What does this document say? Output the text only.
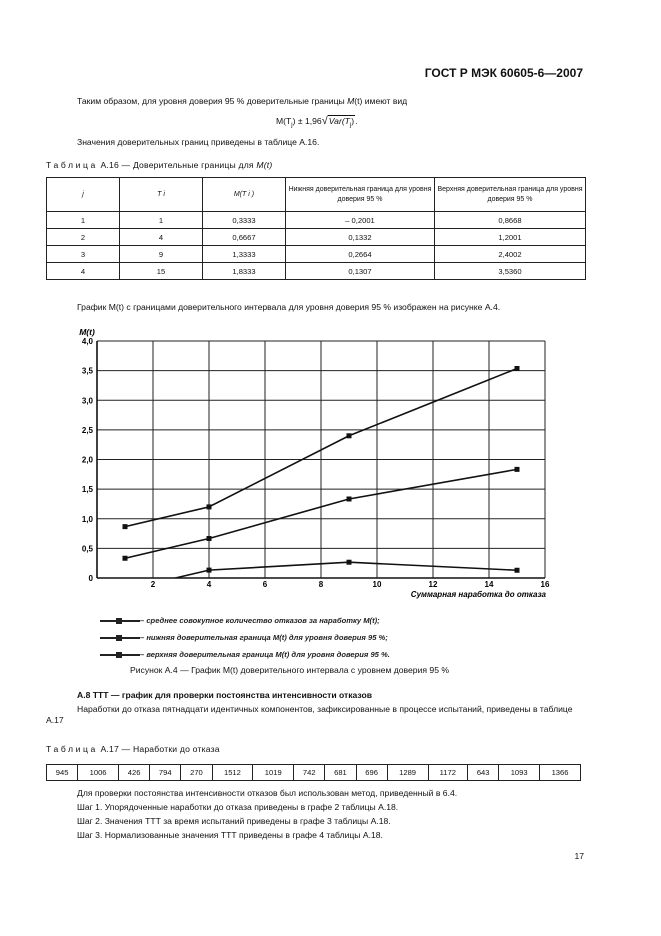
ГОСТ Р МЭК 60605-6—2007
Таким образом, для уровня доверия 95 % доверительные границы M(t) имеют вид
$M(T_j) \pm 1,96√Var(T_j)$.
Значения доверительных границ приведены в таблице А.16.
Таблица А.16 — Доверительные границы для M(t)
j	T i	M(T i )	Нижняя доверительная граница для уровня доверия 95 %	Верхняя доверительная граница для уровня доверия 95 %
1	1	0,3333	– 0,2001	0,8668
2	4	0,6667	0,1332	1,2001
3	9	1,3333	0,2664	2,4002
4	15	1,8333	0,1307	3,5360
График M(t) с границами доверительного интервала для уровня доверия 95 % изображен на рисунке А.4.
0
0,5
1,0
1,5
2,0
2,5
3,0
3,5
4,0
2	4	6	8	10	12	14	16
M(t)
Суммарная наработка до отказа
– среднее совокупное количество отказов за наработку M(t);
– нижняя доверительная граница M(t) для уровня доверия 95 %;
– верхняя доверительная граница M(t) для уровня доверия 95 %.
Рисунок А.4 — График M(t) доверительного интервала с уровнем доверия 95 %
А.8 ТТТ — график для проверки постоянства интенсивности отказов
Наработки до отказа пятнадцати идентичных компонентов, зафиксированные в процессе испытаний, приведены в таблице А.17
Таблица А.17 — Наработки до отказа
945	1006	426	794	270	1512	1019	742	681	696	1289	1172	643	1093	1366
Для проверки постоянства интенсивности отказов был использован метод, приведенный в 6.4.
Шаг 1. Упорядоченные наработки до отказа приведены в графе 2 таблицы А.18.
Шаг 2. Значения ТТТ за время испытаний приведены в графе 3 таблицы А.18.
Шаг 3. Нормализованные значения ТТТ приведены в графе 4 таблицы А.18.
17
